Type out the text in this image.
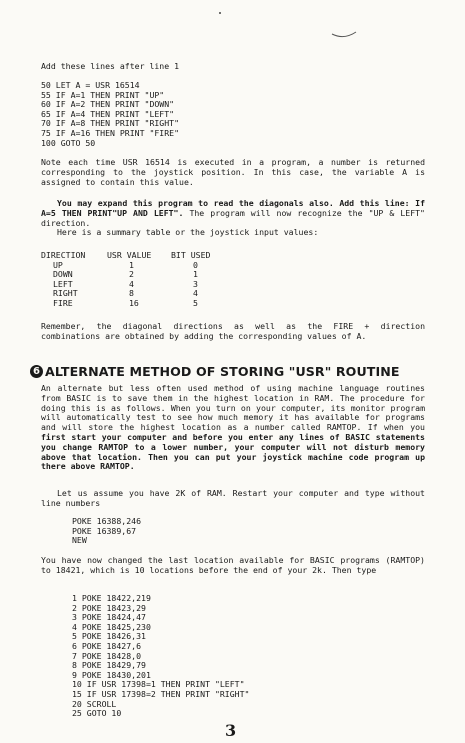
Add these lines after line 1
50 LET A = USR 16514
55 IF A=1 THEN PRINT "UP"
60 IF A=2 THEN PRINT "DOWN"
65 IF A=4 THEN PRINT "LEFT"
70 IF A=8 THEN PRINT "RIGHT"
75 IF A=16 THEN PRINT "FIRE"
100 GOTO 50
Note each time USR 16514 is executed in a program, a number is returned corresponding to the joystick position. In this case, the variable A is assigned to contain this value.
You may expand this program to read the diagonals also. Add this line: If A=5 THEN PRINT"UP AND LEFT". The program will now recognize the "UP & LEFT" direction.
Here is a summary table or the joystick input values:
DIRECTION	USR VALUE	BIT USED
UP	1	0
DOWN	2	1
LEFT	4	3
RIGHT	8	4
FIRE	16	5
Remember, the diagonal directions as well as the FIRE + direction combinations are obtained by adding the corresponding values of A.
6 ALTERNATE METHOD OF STORING "USR" ROUTINE
An alternate but less often used method of using machine language routines from BASIC is to save them in the highest location in RAM. The procedure for doing this is as follows. When you turn on your computer, its monitor program will automatically test to see how much memory it has available for programs and will store the highest location as a number called RAMTOP. If when you first start your computer and before you enter any lines of BASIC statements you change RAMTOP to a lower number, your computer will not disturb memory above that location. Then you can put your joystick machine code program up there above RAMTOP.
Let us assume you have 2K of RAM. Restart your computer and type without line numbers
POKE 16388,246
POKE 16389,67
NEW
You have now changed the last location available for BASIC programs (RAMTOP) to 18421, which is 10 locations before the end of your 2k. Then type
1 POKE 18422,219
2 POKE 18423,29
3 POKE 18424,47
4 POKE 18425,230
5 POKE 18426,31
6 POKE 18427,6
7 POKE 18428,0
8 POKE 18429,79
9 POKE 18430,201
10 IF USR 17398=1 THEN PRINT "LEFT"
15 IF USR 17398=2 THEN PRINT "RIGHT"
20 SCROLL
25 GOTO 10
3
